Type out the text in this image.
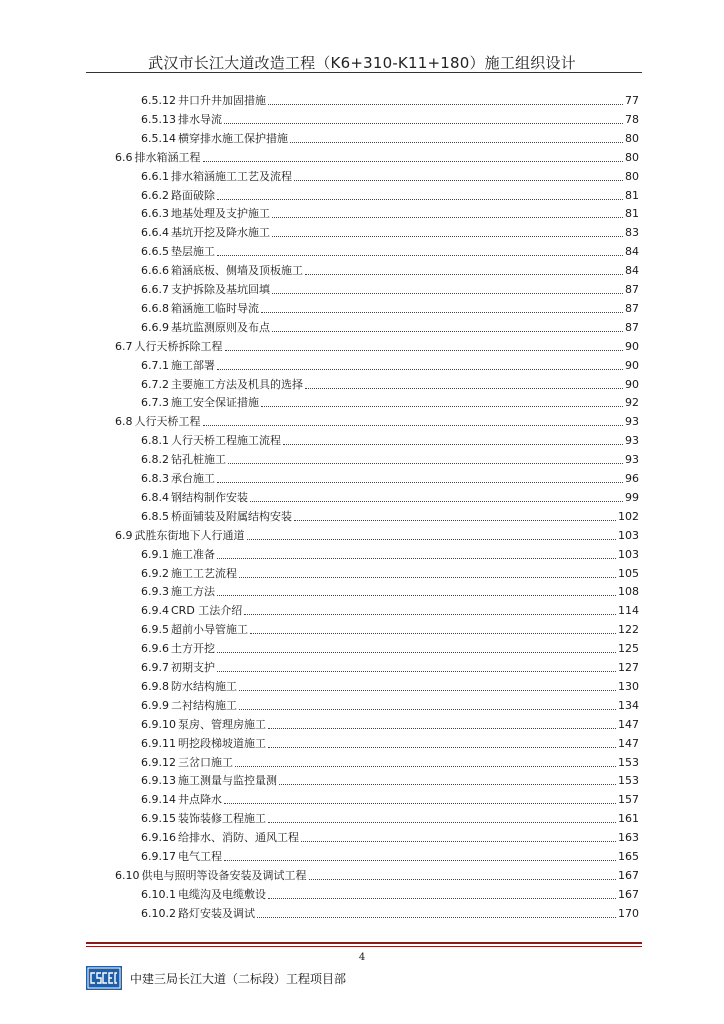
武汉市长江大道改造工程（K6+310-K11+180）施工组织设计
6.5.12 井口升井加固措施	77
6.5.13 排水导流	78
6.5.14 横穿排水施工保护措施	80
6.6 排水箱涵工程	80
6.6.1 排水箱涵施工工艺及流程	80
6.6.2 路面破除	81
6.6.3 地基处理及支护施工	81
6.6.4 基坑开挖及降水施工	83
6.6.5 垫层施工	84
6.6.6 箱涵底板、侧墙及顶板施工	84
6.6.7 支护拆除及基坑回填	87
6.6.8 箱涵施工临时导流	87
6.6.9 基坑监测原则及布点	87
6.7 人行天桥拆除工程	90
6.7.1 施工部署	90
6.7.2 主要施工方法及机具的选择	90
6.7.3 施工安全保证措施	92
6.8 人行天桥工程	93
6.8.1 人行天桥工程施工流程	93
6.8.2 钻孔桩施工	93
6.8.3 承台施工	96
6.8.4 钢结构制作安装	99
6.8.5 桥面铺装及附属结构安装	102
6.9 武胜东街地下人行通道	103
6.9.1 施工准备	103
6.9.2 施工工艺流程	105
6.9.3 施工方法	108
6.9.4 CRD 工法介绍	114
6.9.5 超前小导管施工	122
6.9.6 土方开挖	125
6.9.7 初期支护	127
6.9.8 防水结构施工	130
6.9.9 二衬结构施工	134
6.9.10 泵房、管理房施工	147
6.9.11 明挖段梯坡道施工	147
6.9.12 三岔口施工	153
6.9.13 施工测量与监控量测	153
6.9.14 井点降水	157
6.9.15 装饰装修工程施工	161
6.9.16 给排水、消防、通风工程	163
6.9.17 电气工程	165
6.10 供电与照明等设备安装及调试工程	167
6.10.1 电缆沟及电缆敷设	167
6.10.2 路灯安装及调试	170
4
中建三局长江大道（二标段）工程项目部
